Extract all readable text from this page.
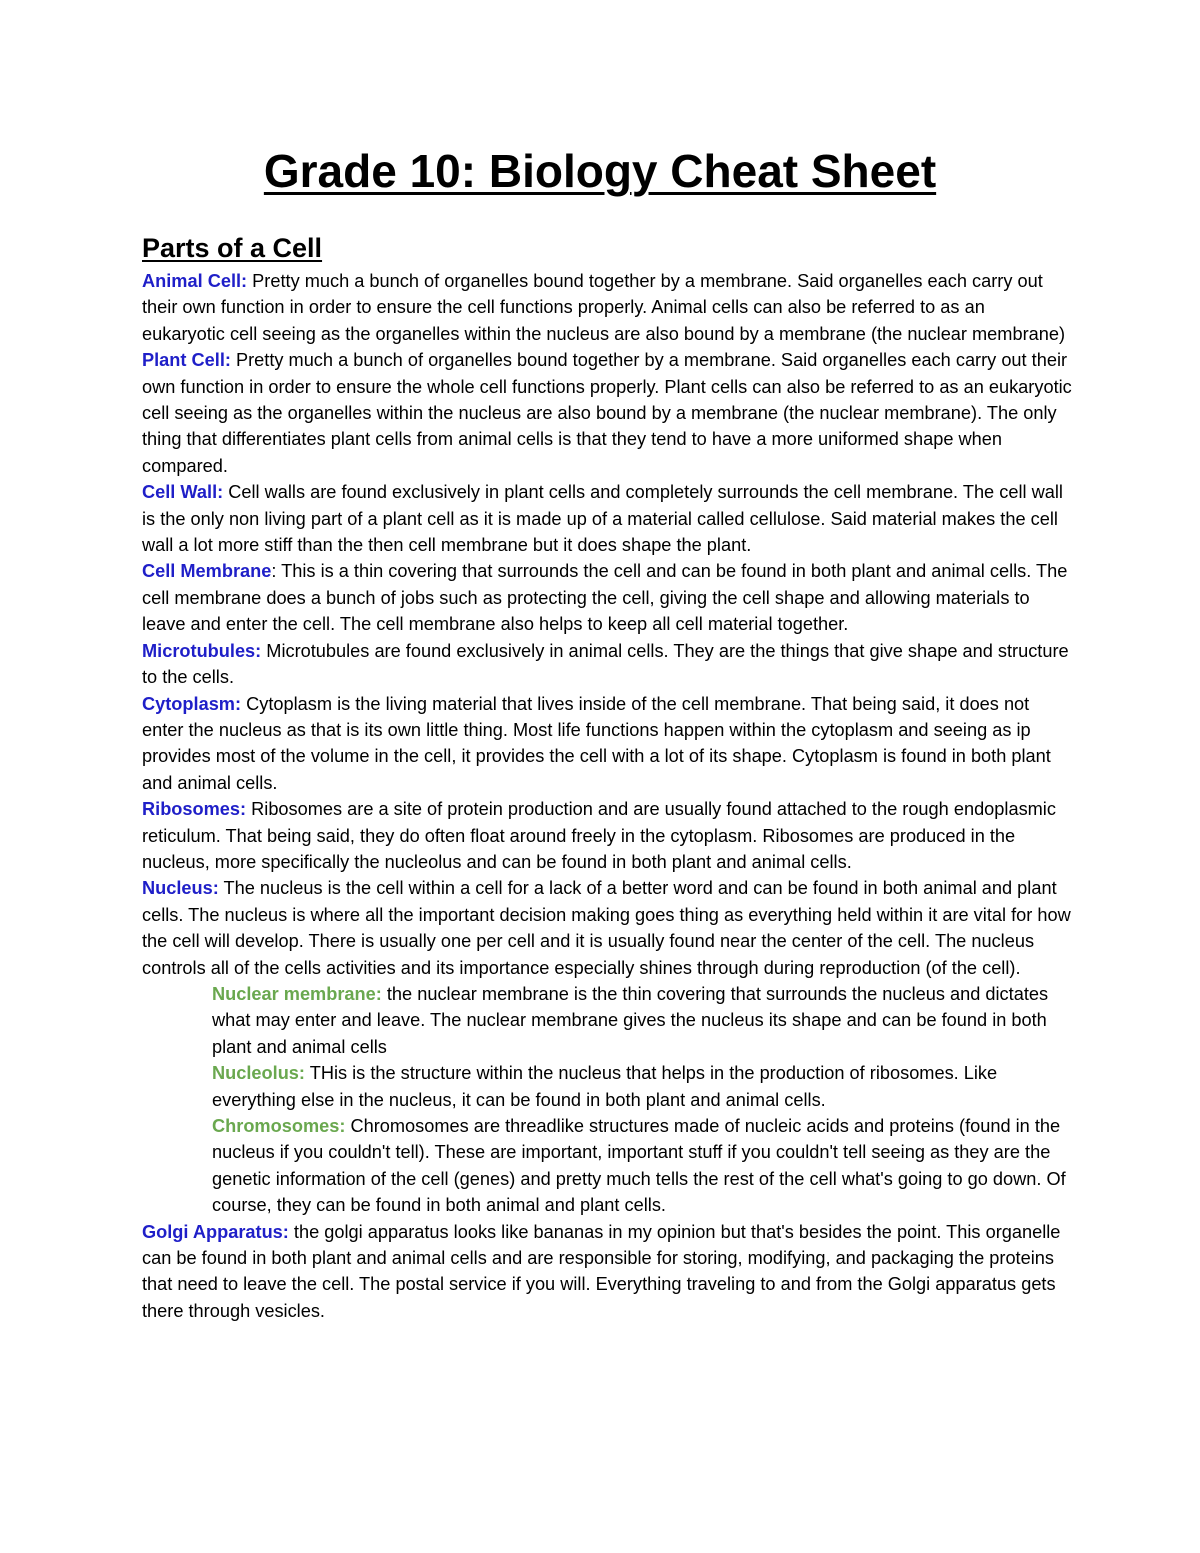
Grade 10: Biology Cheat Sheet
Parts of a Cell

Animal Cell: Pretty much a bunch of organelles bound together by a membrane. Said organelles each carry out their own function in order to ensure the cell functions properly. Animal cells can also be referred to as an eukaryotic cell seeing as the organelles within the nucleus are also bound by a membrane (the nuclear membrane)

Plant Cell: Pretty much a bunch of organelles bound together by a membrane. Said organelles each carry out their own function in order to ensure the whole cell functions properly. Plant cells can also be referred to as an eukaryotic cell seeing as the organelles within the nucleus are also bound by a membrane (the nuclear membrane). The only thing that differentiates plant cells from animal cells is that they tend to have a more uniformed shape when compared.

Cell Wall: Cell walls are found exclusively in plant cells and completely surrounds the cell membrane. The cell wall is the only non living part of a plant cell as it is made up of a material called cellulose. Said material makes the cell wall a lot more stiff than the then cell membrane but it does shape the plant.

Cell Membrane: This is a thin covering that surrounds the cell and can be found in both plant and animal cells. The cell membrane does a bunch of jobs such as protecting the cell, giving the cell shape and allowing materials to leave and enter the cell. The cell membrane also helps to keep all cell material together.

Microtubules: Microtubules are found exclusively in animal cells. They are the things that give shape and structure to the cells.

Cytoplasm: Cytoplasm is the living material that lives inside of the cell membrane. That being said, it does not enter the nucleus as that is its own little thing. Most life functions happen within the cytoplasm and seeing as ip provides most of the volume in the cell, it provides the cell with a lot of its shape. Cytoplasm is found in both plant and animal cells.

Ribosomes: Ribosomes are a site of protein production and are usually found attached to the rough endoplasmic reticulum. That being said, they do often float around freely in the cytoplasm. Ribosomes are produced in the nucleus, more specifically the nucleolus and can be found in both plant and animal cells.

Nucleus: The nucleus is the cell within a cell for a lack of a better word and can be found in both animal and plant cells. The nucleus is where all the important decision making goes thing as everything held within it are vital for how the cell will develop. There is usually one per cell and it is usually found near the center of the cell. The nucleus controls all of the cells activities and its importance especially shines through during reproduction (of the cell).

Nuclear membrane: the nuclear membrane is the thin covering that surrounds the nucleus and dictates what may enter and leave. The nuclear membrane gives the nucleus its shape and can be found in both plant and animal cells

Nucleolus: THis is the structure within the nucleus that helps in the production of ribosomes. Like everything else in the nucleus, it can be found in both plant and animal cells.

Chromosomes: Chromosomes are threadlike structures made of nucleic acids and proteins (found in the nucleus if you couldn't tell). These are important, important stuff if you couldn't tell seeing as they are the genetic information of the cell (genes) and pretty much tells the rest of the cell what's going to go down. Of course, they can be found in both animal and plant cells.

Golgi Apparatus: the golgi apparatus looks like bananas in my opinion but that's besides the point. This organelle can be found in both plant and animal cells and are responsible for storing, modifying, and packaging the proteins that need to leave the cell. The postal service if you will. Everything traveling to and from the Golgi apparatus gets there through vesicles.
